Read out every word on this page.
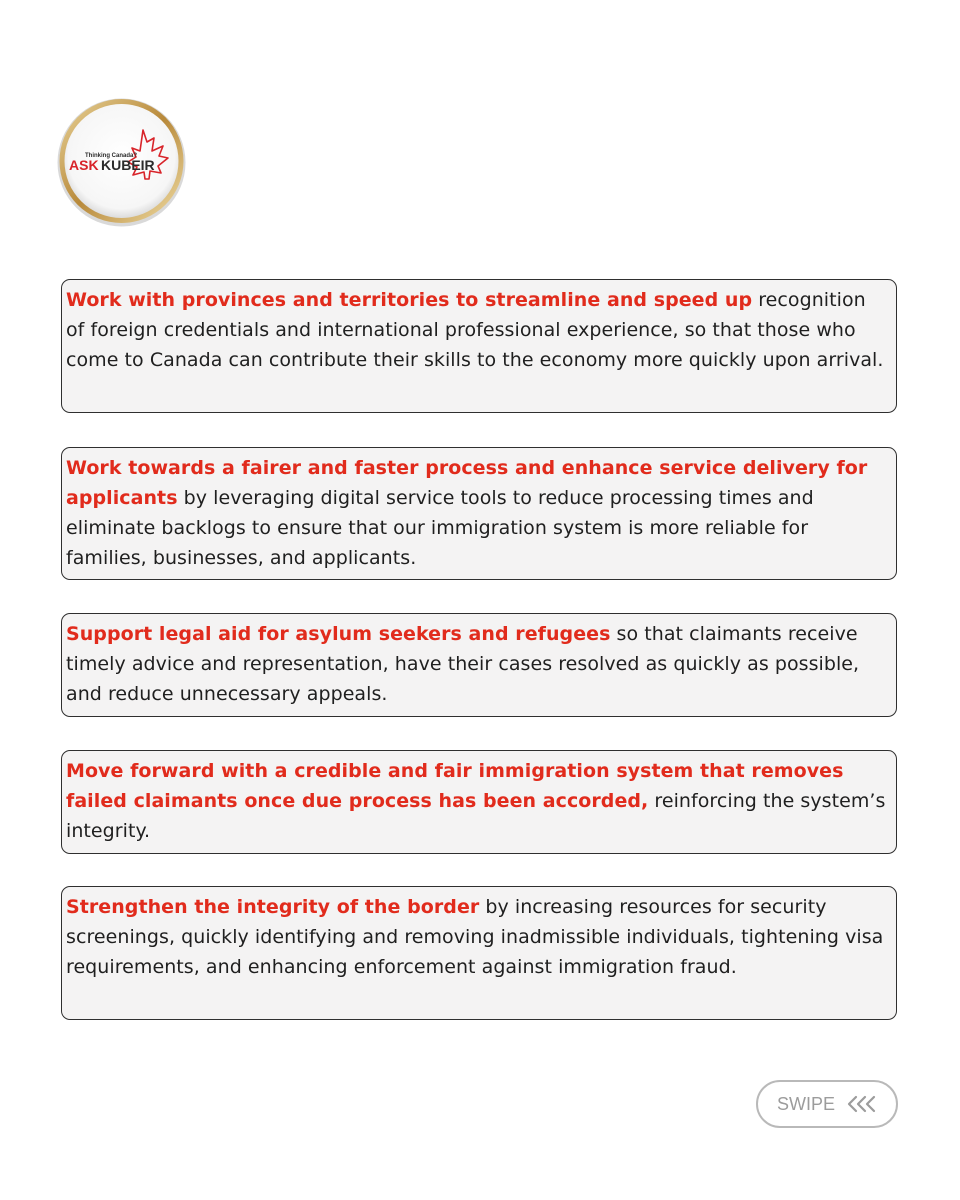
Thinking Canada?
ASK KUBEIR
Work with provinces and territories to streamline and speed up recognition of foreign credentials and international professional experience, so that those who come to Canada can contribute their skills to the economy more quickly upon arrival.
Work towards a fairer and faster process and enhance service delivery for applicants by leveraging digital service tools to reduce processing times and eliminate backlogs to ensure that our immigration system is more reliable for families, businesses, and applicants.
Support legal aid for asylum seekers and refugees so that claimants receive timely advice and representation, have their cases resolved as quickly as possible, and reduce unnecessary appeals.
Move forward with a credible and fair immigration system that removes failed claimants once due process has been accorded, reinforcing the system’s integrity.
Strengthen the integrity of the border by increasing resources for security screenings, quickly identifying and removing inadmissible individuals, tightening visa requirements, and enhancing enforcement against immigration fraud.
SWIPE
